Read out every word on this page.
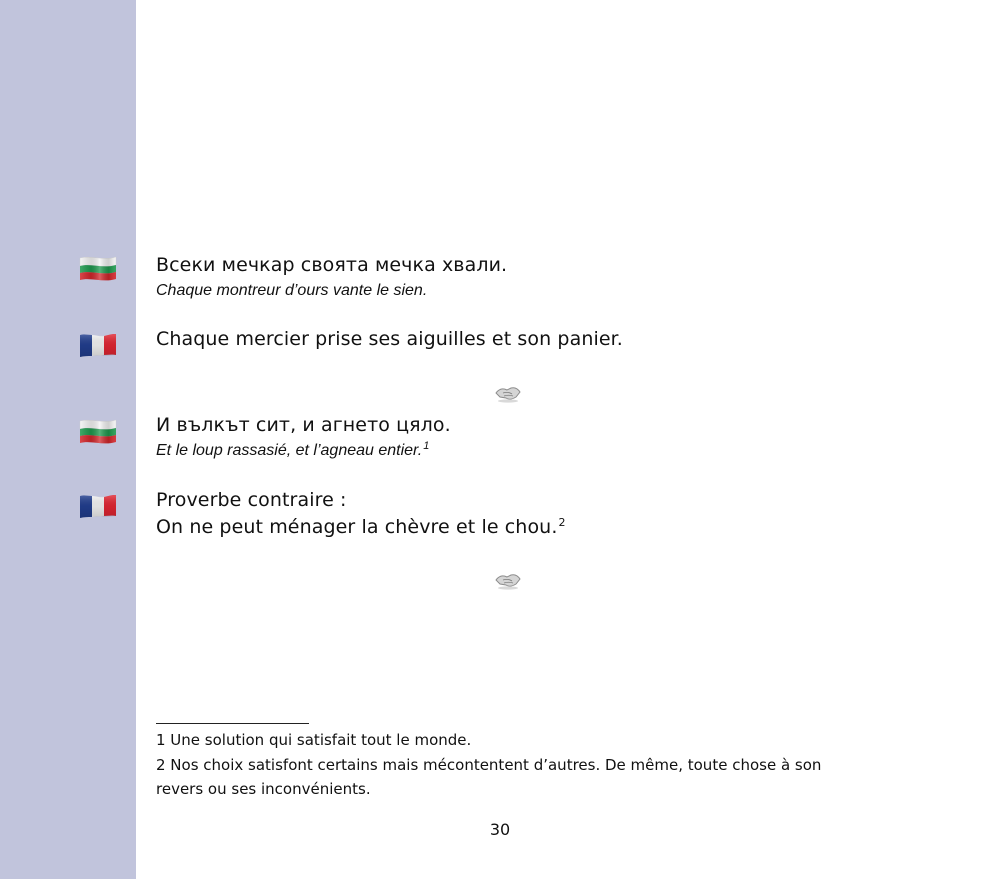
Всеки мечкар своята мечка хвали.
Chaque montreur d’ours vante le sien.
Chaque mercier prise ses aiguilles et son panier.
И вълкът сит, и агнето цяло.
Et le loup rassasié, et l’agneau entier.$^1$
Proverbe contraire :
On ne peut ménager la chèvre et le chou.$^2$

1 Une solution qui satisfait tout le monde.

2 Nos choix satisfont certains mais mécontentent d’autres. De même, toute chose à son revers ou ses inconvénients.

30
